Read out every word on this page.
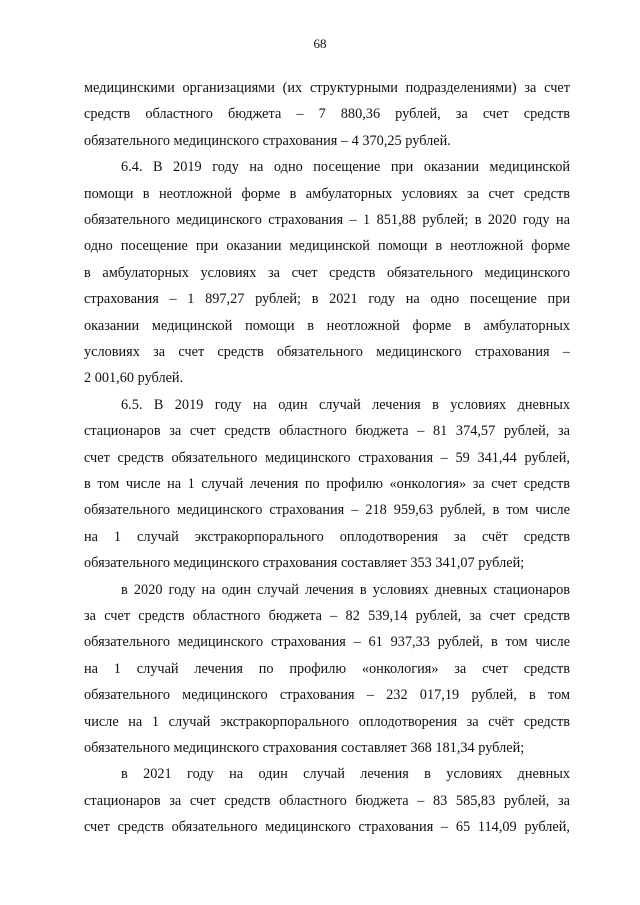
68
медицинскими организациями (их структурными подразделениями) за счет
средств областного бюджета – 7 880,36 рублей, за счет средств
обязательного медицинского страхования – 4 370,25 рублей.
6.4. В 2019 году на одно посещение при оказании медицинской
помощи в неотложной форме в амбулаторных условиях за счет средств
обязательного медицинского страхования – 1 851,88 рублей; в 2020 году на
одно посещение при оказании медицинской помощи в неотложной форме
в амбулаторных условиях за счет средств обязательного медицинского
страхования – 1 897,27 рублей; в 2021 году на одно посещение при
оказании медицинской помощи в неотложной форме в амбулаторных
условиях за счет средств обязательного медицинского страхования –
2 001,60 рублей.
6.5. В 2019 году на один случай лечения в условиях дневных
стационаров за счет средств областного бюджета – 81 374,57 рублей, за
счет средств обязательного медицинского страхования – 59 341,44 рублей,
в том числе на 1 случай лечения по профилю «онкология» за счет средств
обязательного медицинского страхования – 218 959,63 рублей, в том числе
на 1 случай экстракорпорального оплодотворения за счёт средств
обязательного медицинского страхования составляет 353 341,07 рублей;
в 2020 году на один случай лечения в условиях дневных стационаров
за счет средств областного бюджета – 82 539,14 рублей, за счет средств
обязательного медицинского страхования – 61 937,33 рублей, в том числе
на 1 случай лечения по профилю «онкология» за счет средств
обязательного медицинского страхования – 232 017,19 рублей, в том
числе на 1 случай экстракорпорального оплодотворения за счёт средств
обязательного медицинского страхования составляет 368 181,34 рублей;
в 2021 году на один случай лечения в условиях дневных
стационаров за счет средств областного бюджета – 83 585,83 рублей, за
счет средств обязательного медицинского страхования – 65 114,09 рублей,
